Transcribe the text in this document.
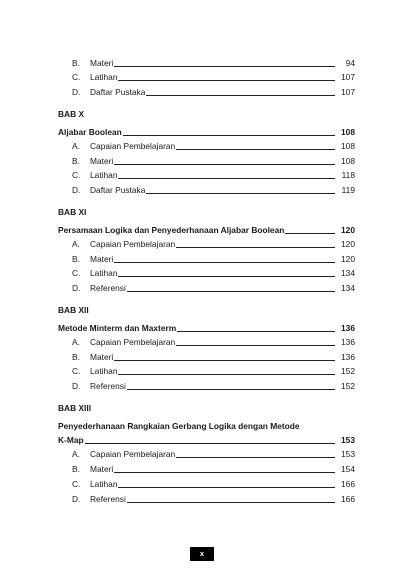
B. Materi	94
C. Latihan	107
D. Daftar Pustaka	107
BAB X
Aljabar Boolean	108
A. Capaian Pembelajaran	108
B. Materi	108
C. Latihan	118
D. Daftar Pustaka	119
BAB XI
Persamaan Logika dan Penyederhanaan Aljabar Boolean	120
A. Capaian Pembelajaran	120
B. Materi	120
C. Latihan	134
D. Referensi	134
BAB XII
Metode Minterm dan Maxterm	136
A. Capaian Pembelajaran	136
B. Materi	136
C. Latihan	152
D. Referensi	152
BAB XIII
Penyederhanaan Rangkaian Gerbang Logika dengan Metode
K-Map	153
A. Capaian Pembelajaran	153
B. Materi	154
C. Latihan	166
D. Referensi	166
x
